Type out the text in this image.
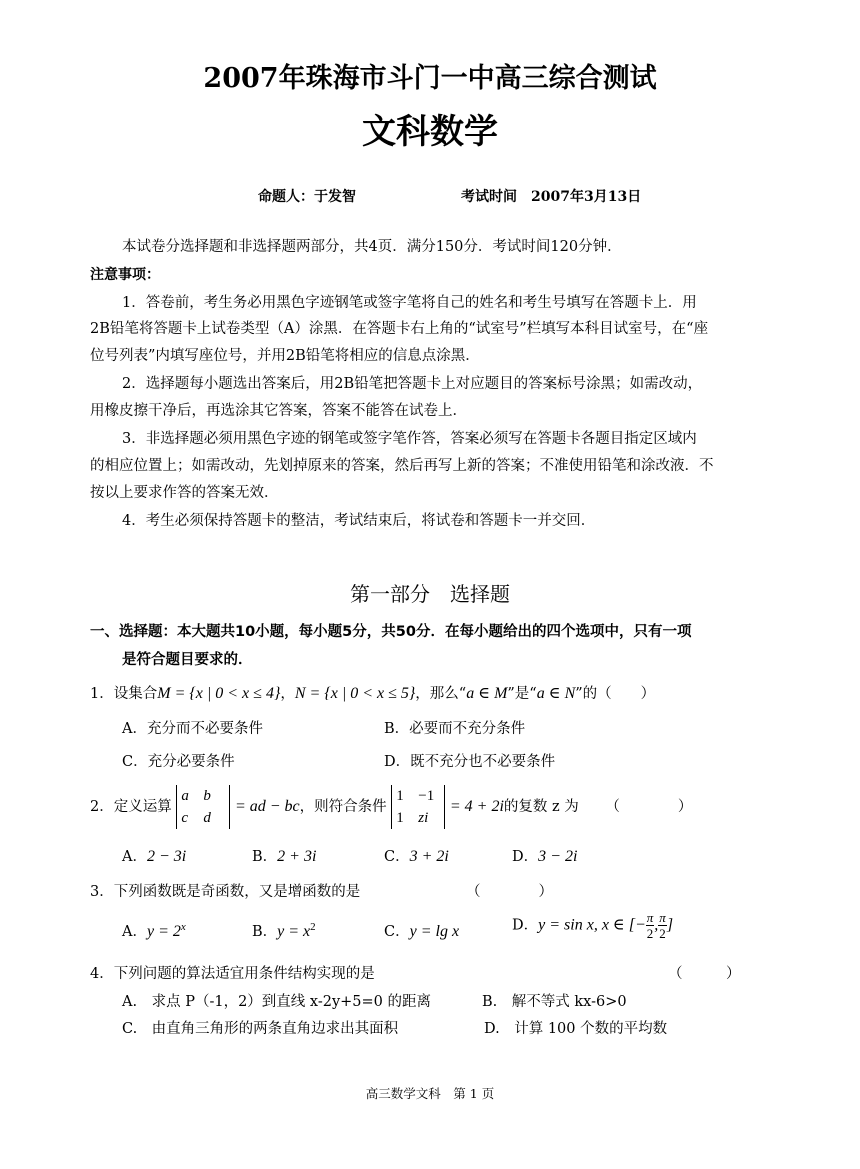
2007年珠海市斗门一中高三综合测试
文科数学
命题人：于发智	考试时间　2007年3月13日
本试卷分选择题和非选择题两部分，共4页．满分150分．考试时间120分钟．
注意事项：
1．答卷前，考生务必用黑色字迹钢笔或签字笔将自己的姓名和考生号填写在答题卡上．用
2B铅笔将答题卡上试卷类型（A）涂黑．在答题卡右上角的“试室号”栏填写本科目试室号，在“座
位号列表”内填写座位号，并用2B铅笔将相应的信息点涂黑．
2．选择题每小题选出答案后，用2B铅笔把答题卡上对应题目的答案标号涂黑；如需改动，
用橡皮擦干净后，再选涂其它答案，答案不能答在试卷上．
3．非选择题必须用黑色字迹的钢笔或签字笔作答，答案必须写在答题卡各题目指定区域内
的相应位置上；如需改动，先划掉原来的答案，然后再写上新的答案；不准使用铅笔和涂改液．不
按以上要求作答的答案无效．
4．考生必须保持答题卡的整洁，考试结束后，将试卷和答题卡一并交回．
第一部分　选择题
一、选择题：本大题共10小题，每小题5分，共50分．在每小题给出的四个选项中，只有一项
是符合题目要求的．
1．设集合M = {x | 0 < x ≤ 4}，N = {x | 0 < x ≤ 5}，那么“a ∈ M”是“a ∈ N”的（　　）
A．充分而不必要条件	B．必要而不充分条件
C．充分必要条件	D．既不充分也不必要条件
2．定义运算 a b
c d = ad − bc，则符合条件 1 −1
1 zi = 4 + 2i的复数 z 为 （　　　　）
A．2 − 3i	B．2 + 3i	C．3 + 2i	D．3 − 2i
3．下列函数既是奇函数，又是增函数的是	（　　　　）
A．$y = 2^x$	B．$y = x^2$	C．y = lg x	D．y = sin x, x ∈ [− $\frac{\pi}{2}$, $\frac{\pi}{2}$]
4．下列问题的算法适宜用条件结构实现的是	（　　　）
A.　求点 P（-1，2）到直线 x-2y+5=0 的距离	B.　解不等式 kx-6>0
C.　由直角三角形的两条直角边求出其面积	D.　计算 100 个数的平均数
高三数学文科　第 1 页
